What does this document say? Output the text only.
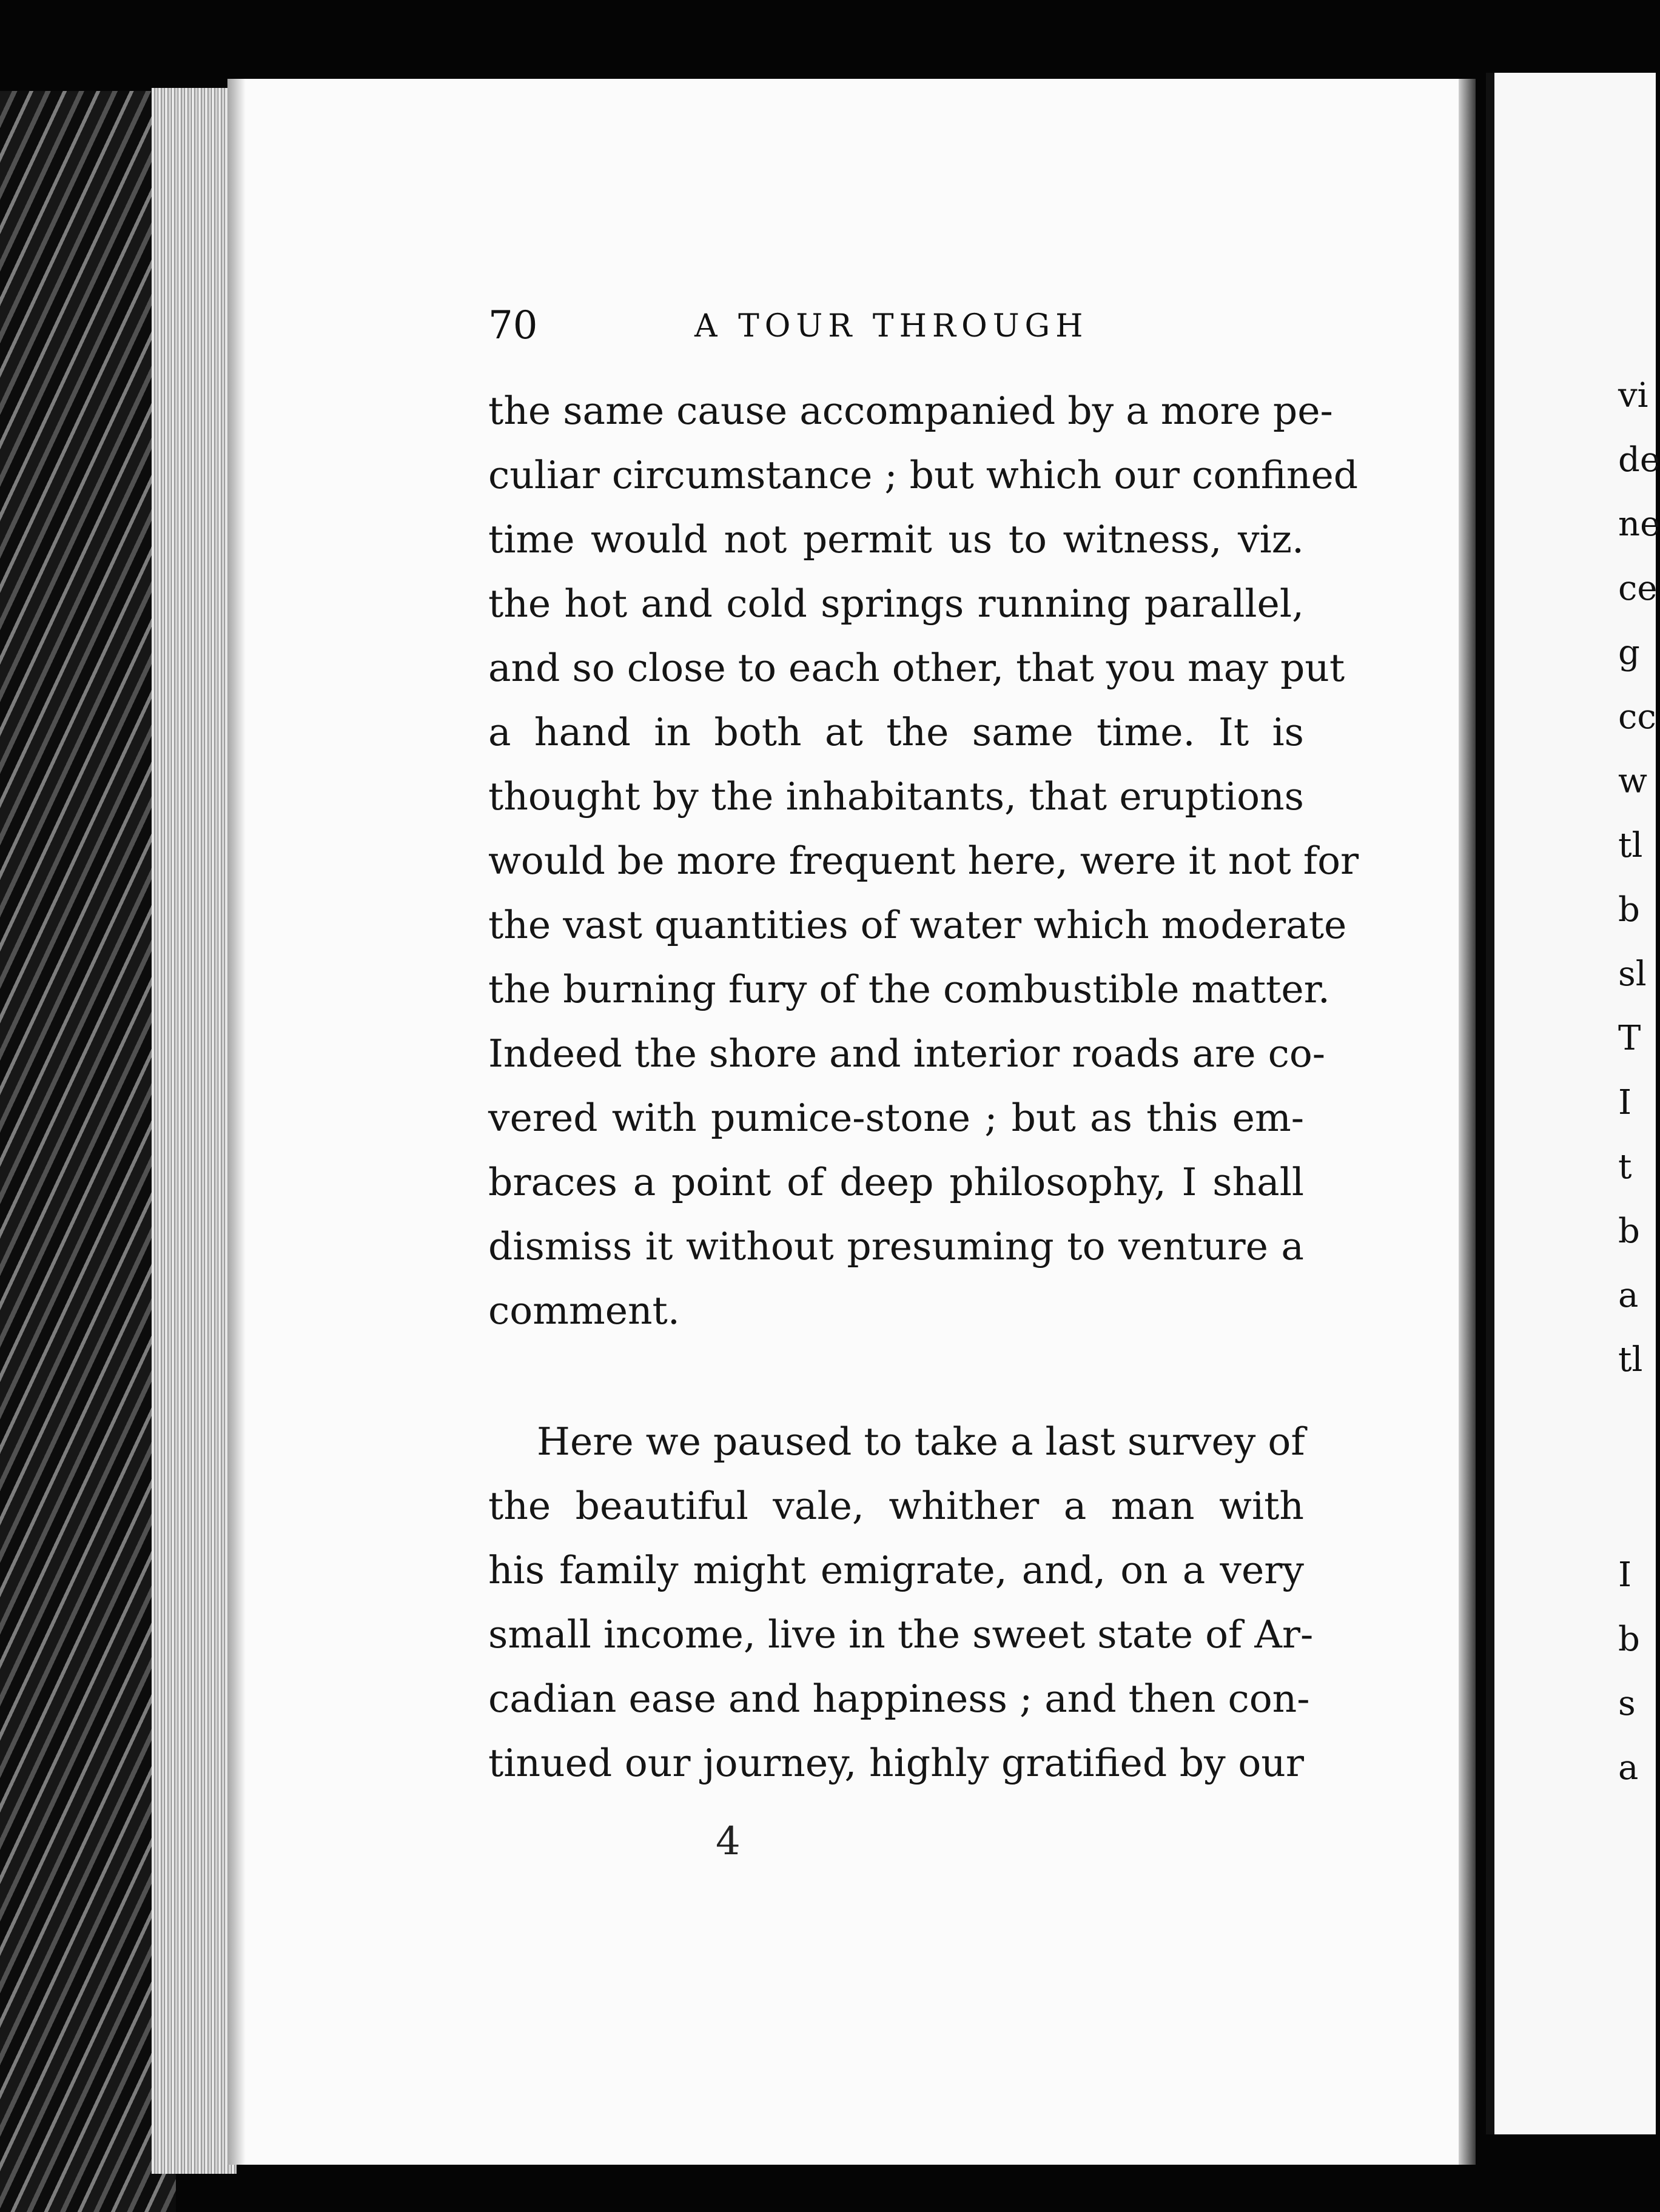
vi
de
ne
ce
g
cc
w
tl
b
sl
T
I
t
b
a
tl
I
b
s
a
70	A TOUR THROUGH
the same cause accompanied by a more pe-
culiar circumstance ; but which our confined
time would not permit us to witness, viz.
the hot and cold springs running parallel,
and so close to each other, that you may put
a hand in both at the same time. It is
thought by the inhabitants, that eruptions
would be more frequent here, were it not for
the vast quantities of water which moderate
the burning fury of the combustible matter.
Indeed the shore and interior roads are co-
vered with pumice-stone ; but as this em-
braces a point of deep philosophy, I shall
dismiss it without presuming to venture a
comment.
Here we paused to take a last survey of
the beautiful vale, whither a man with
his family might emigrate, and, on a very
small income, live in the sweet state of Ar-
cadian ease and happiness ; and then con-
tinued our journey, highly gratified by our
4
